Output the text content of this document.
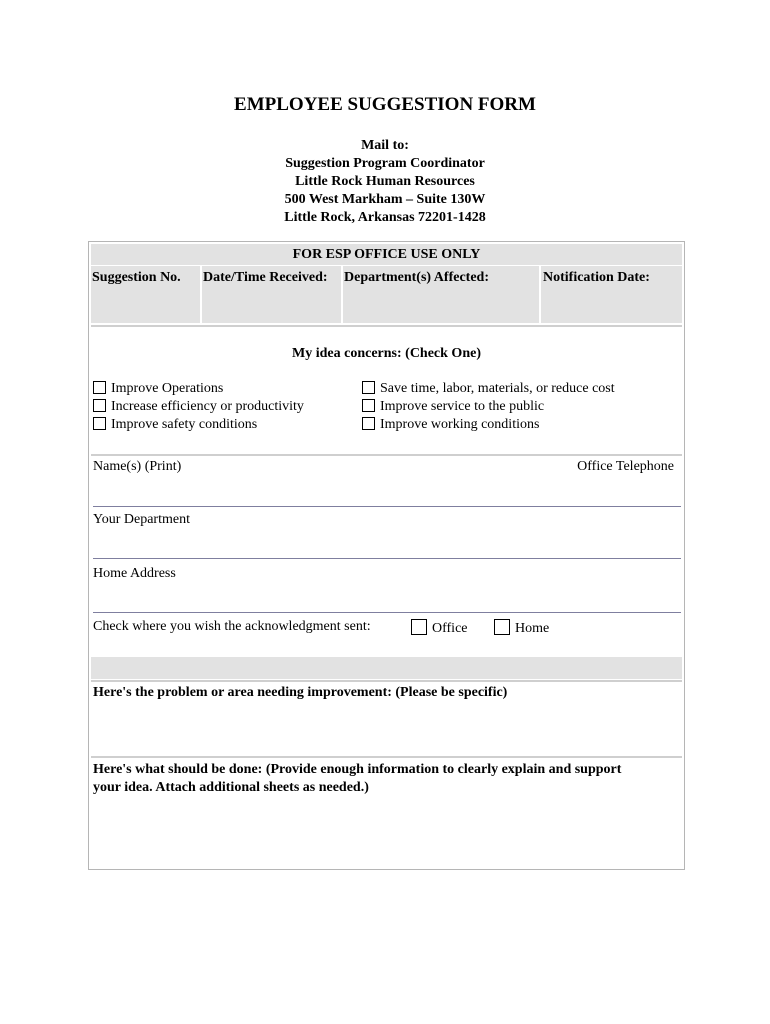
EMPLOYEE SUGGESTION FORM
Mail to:
Suggestion Program Coordinator
Little Rock Human Resources
500 West Markham – Suite 130W
Little Rock, Arkansas 72201-1428
FOR ESP OFFICE USE ONLY
Suggestion No.	Date/Time Received:	Department(s) Affected:	Notification Date:
My idea concerns: (Check One)
Improve Operations
Increase efficiency or productivity
Improve safety conditions
Save time, labor, materials, or reduce cost
Improve service to the public
Improve working conditions
Name(s) (Print)	Office Telephone
Your Department
Home Address
Check where you wish the acknowledgment sent:	Office	Home
Here's the problem or area needing improvement: (Please be specific)
Here's what should be done: (Provide enough information to clearly explain and support
your idea. Attach additional sheets as needed.)
